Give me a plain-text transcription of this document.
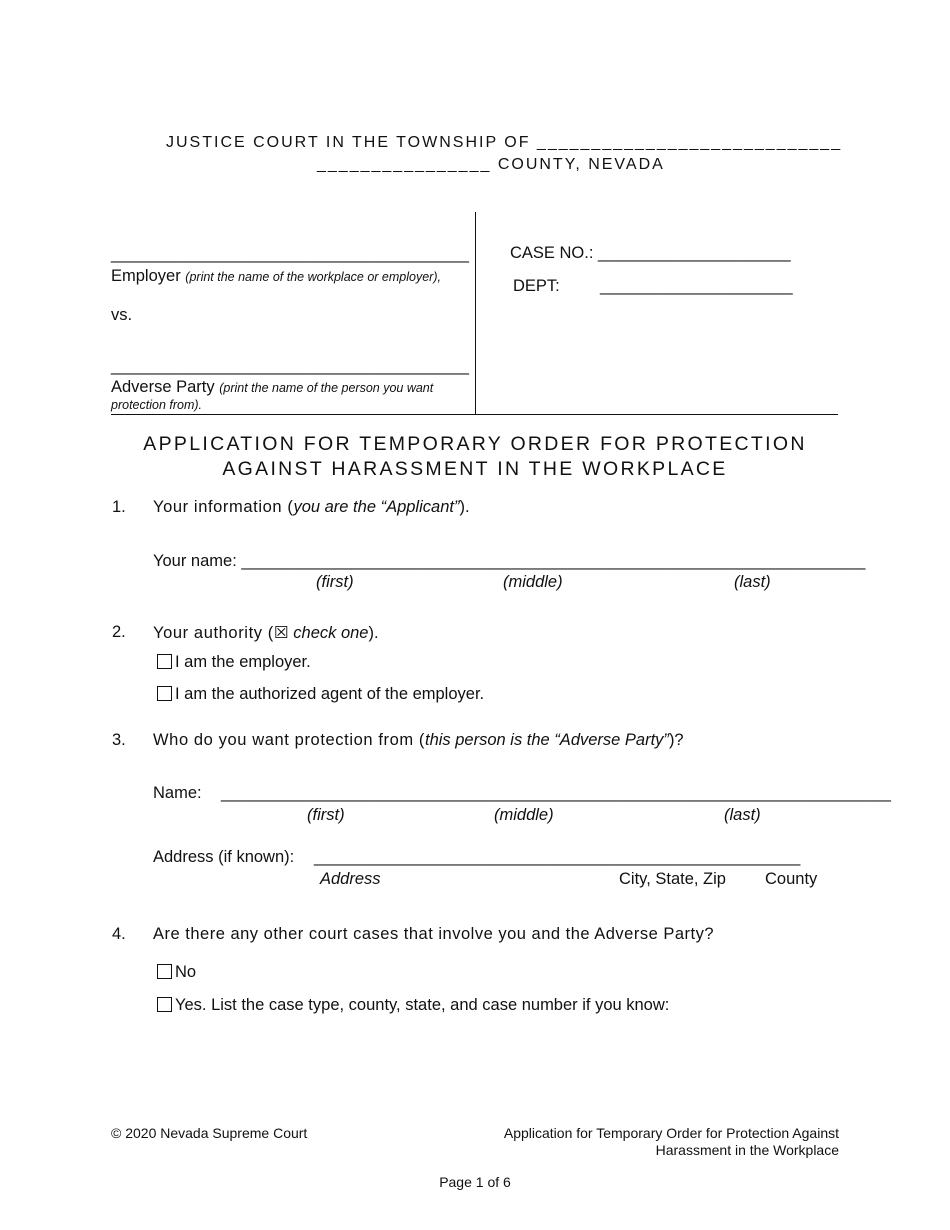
JUSTICE COURT IN THE TOWNSHIP OF ____________________________
________________ COUNTY, NEVADA
_______________________________________
Employer (print the name of the workplace or employer),
vs.
_______________________________________
Adverse Party (print the name of the person you want
protection from).
CASE NO.: _____________________
DEPT: _____________________
APPLICATION FOR TEMPORARY ORDER FOR PROTECTION
AGAINST HARASSMENT IN THE WORKPLACE
1. Your information (you are the “Applicant”).
Your name: ____________________________________________________________________
(first)	(middle)	(last)
2. Your authority (☒ check one).
I am the employer.
I am the authorized agent of the employer.
3. Who do you want protection from (this person is the “Adverse Party”)?
Name: _________________________________________________________________________
(first)	(middle)	(last)
Address (if known): _____________________________________________________
Address	City, State, Zip County
4. Are there any other court cases that involve you and the Adverse Party?
No
Yes. List the case type, county, state, and case number if you know:
© 2020 Nevada Supreme Court	Application for Temporary Order for Protection Against
Harassment in the Workplace
Page 1 of 6
